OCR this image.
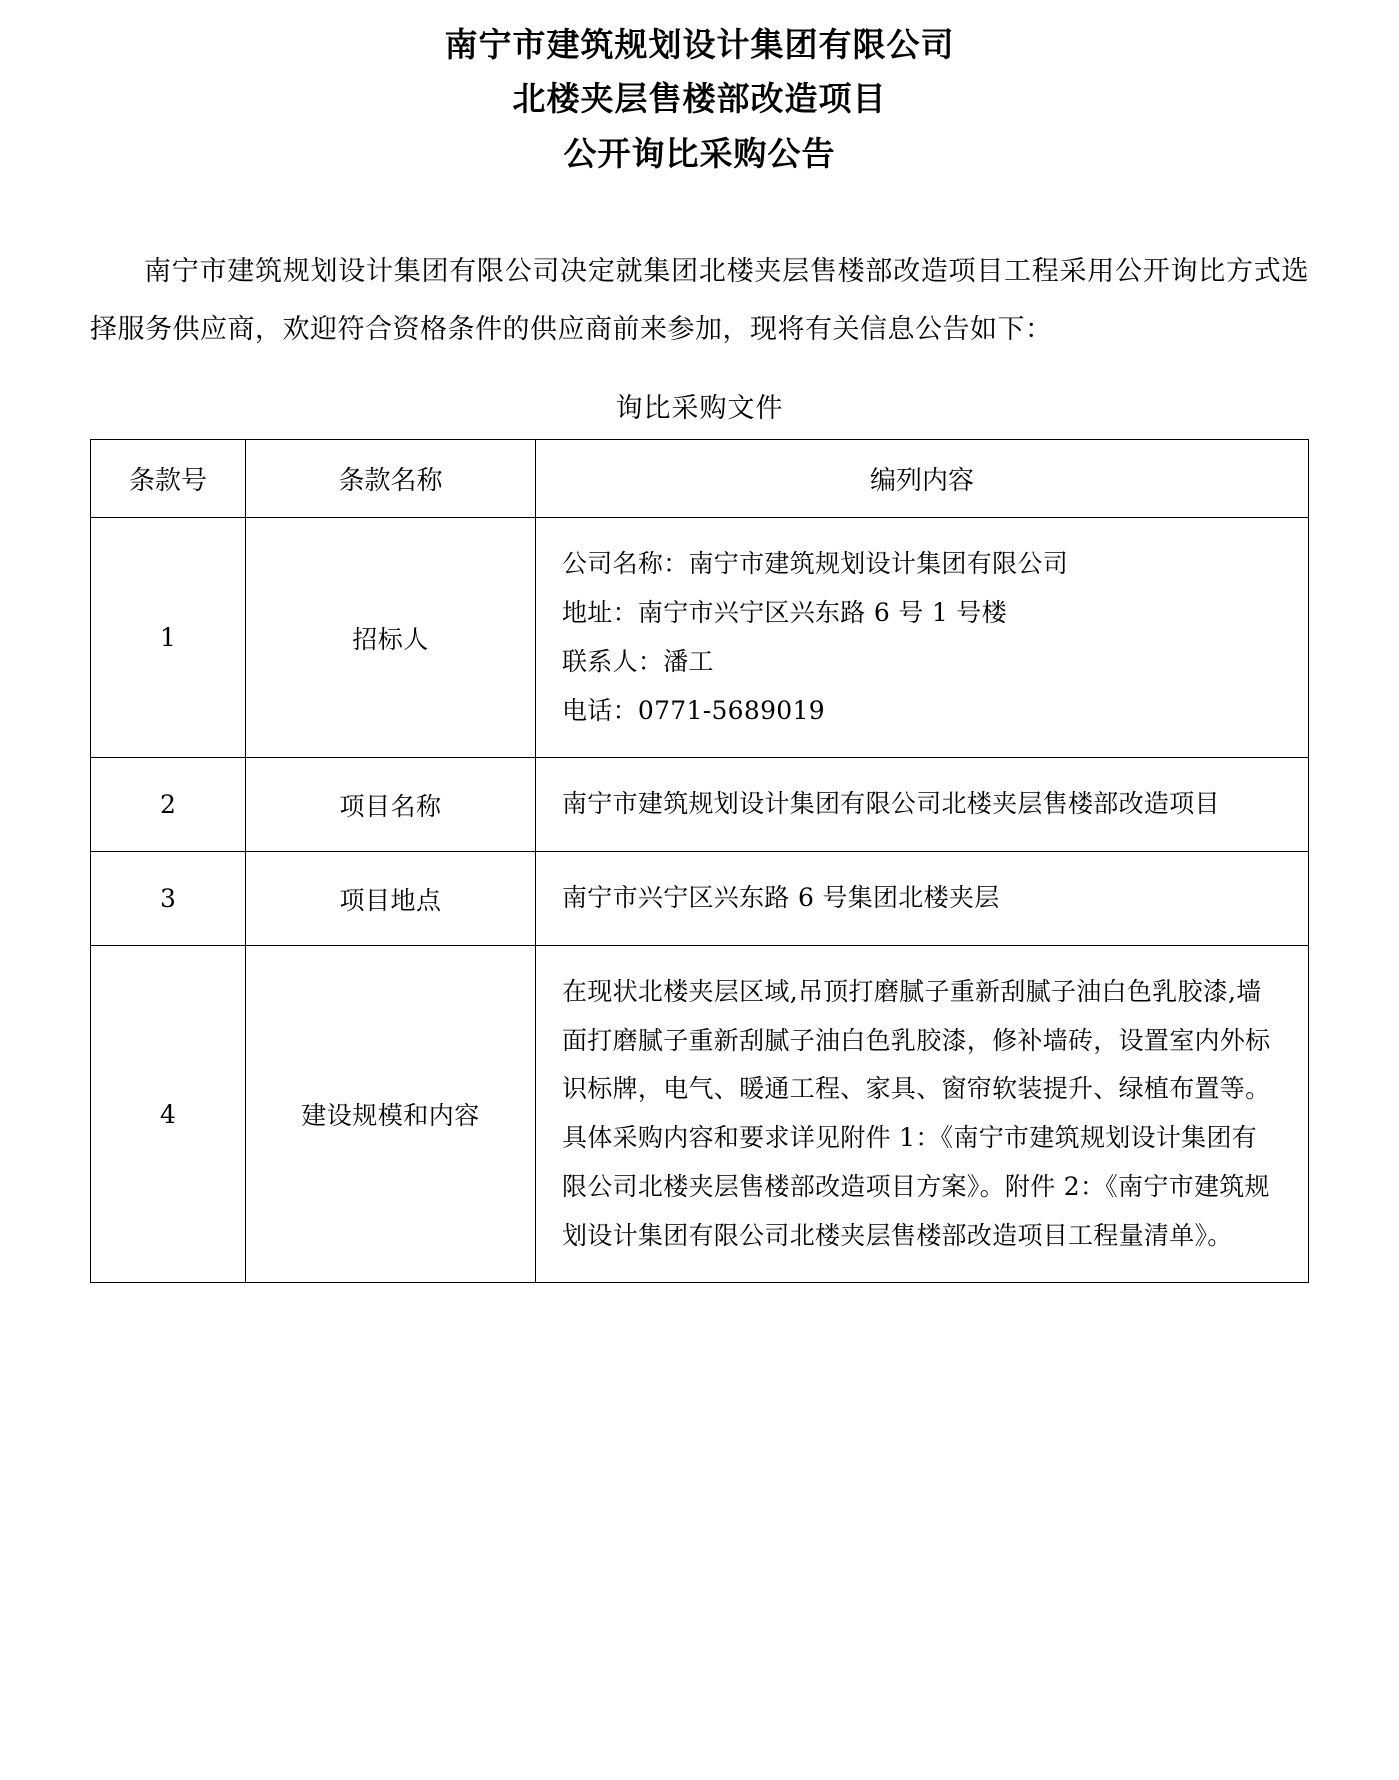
南宁市建筑规划设计集团有限公司
北楼夹层售楼部改造项目
公开询比采购公告

南宁市建筑规划设计集团有限公司决定就集团北楼夹层售楼部改造项目工程采用公开询比方式选择服务供应商，欢迎符合资格条件的供应商前来参加，现将有关信息公告如下：

询比采购文件
条款号	条款名称	编列内容
1	招标人	公司名称：南宁市建筑规划设计集团有限公司
地址：南宁市兴宁区兴东路 6 号 1 号楼
联系人：潘工
电话：0771-5689019

2	项目名称	南宁市建筑规划设计集团有限公司北楼夹层售楼部改造项目
3	项目地点	南宁市兴宁区兴东路 6 号集团北楼夹层
4	建设规模和内容	在现状北楼夹层区域,吊顶打磨腻子重新刮腻子油白色乳胶漆,墙面打磨腻子重新刮腻子油白色乳胶漆，修补墙砖，设置室内外标识标牌，电气、暖通工程、家具、窗帘软装提升、绿植布置等。 具体采购内容和要求详见附件 1：《南宁市建筑规划设计集团有限公司北楼夹层售楼部改造项目方案》。附件 2：《南宁市建筑规划设计集团有限公司北楼夹层售楼部改造项目工程量清单》。
